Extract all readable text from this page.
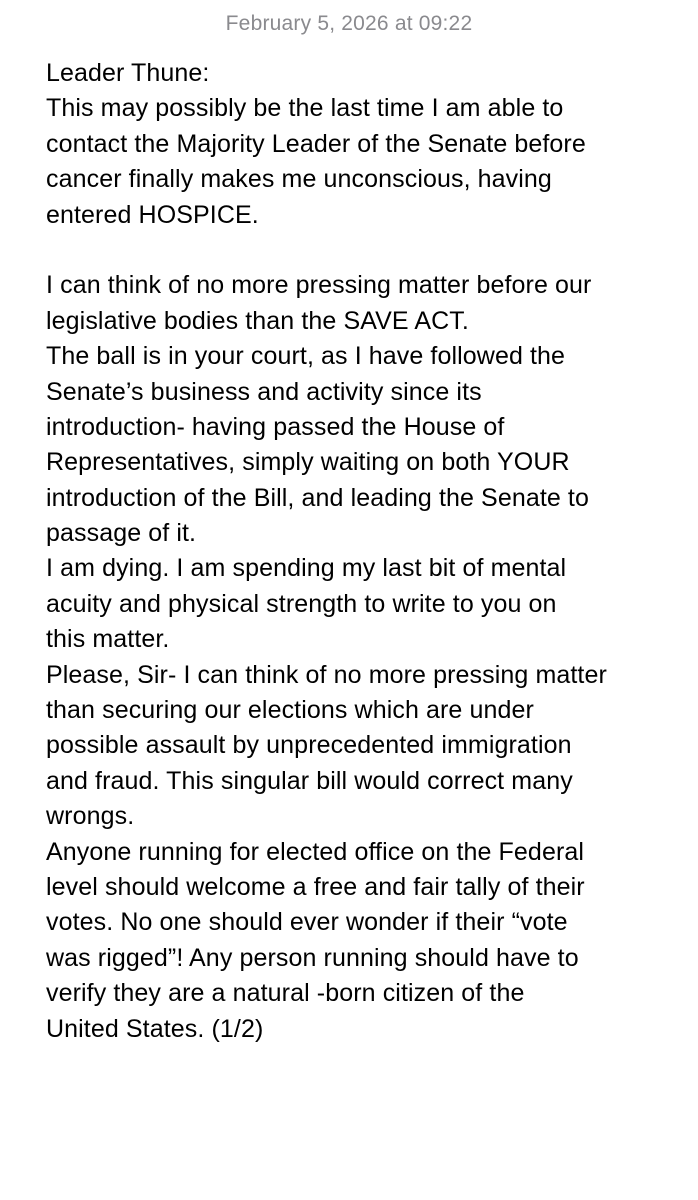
February 5, 2026 at 09:22
Leader Thune:
This may possibly be the last time I am able to
contact the Majority Leader of the Senate before
cancer finally makes me unconscious, having
entered HOSPICE.
I can think of no more pressing matter before our
legislative bodies than the SAVE ACT.
The ball is in your court, as I have followed the
Senate’s business and activity since its
introduction- having passed the House of
Representatives, simply waiting on both YOUR
introduction of the Bill, and leading the Senate to
passage of it.
I am dying. I am spending my last bit of mental
acuity and physical strength to write to you on
this matter.
Please, Sir- I can think of no more pressing matter
than securing our elections which are under
possible assault by unprecedented immigration
and fraud. This singular bill would correct many
wrongs.
Anyone running for elected office on the Federal
level should welcome a free and fair tally of their
votes. No one should ever wonder if their “vote
was rigged”! Any person running should have to
verify they are a natural -born citizen of the
United States. (1/2)
